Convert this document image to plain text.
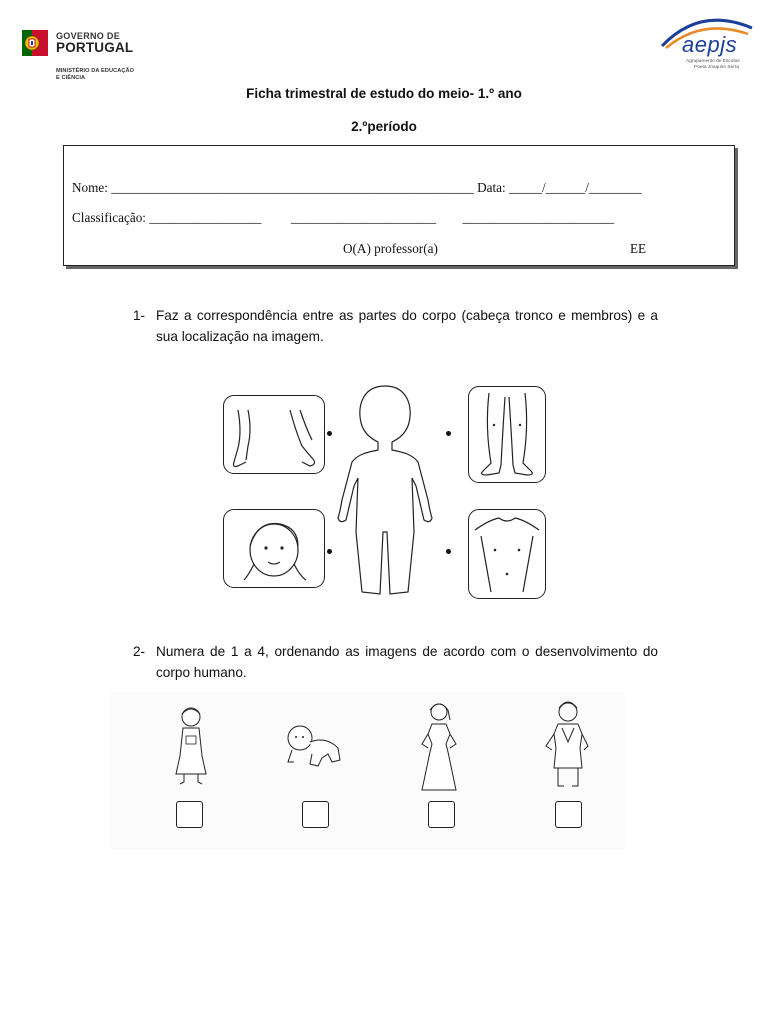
GOVERNO DE
PORTUGAL
MINISTÉRIO DA EDUCAÇÃO
E CIÊNCIA
aepjs
Agrupamento de Escolas
Poeta Joaquim Serra
Ficha trimestral de estudo do meio- 1.º ano
2.ºperíodo
Nome: _______________________________________________________ Data: _____/______/________
Classificação: _________________         ______________________        _______________________
O(A) professor(a)	EE
1- Faz a correspondência entre as partes do corpo (cabeça tronco e membros) e a sua localização na imagem.
2- Numera de 1 a 4, ordenando as imagens de acordo com o desenvolvimento do corpo humano.
